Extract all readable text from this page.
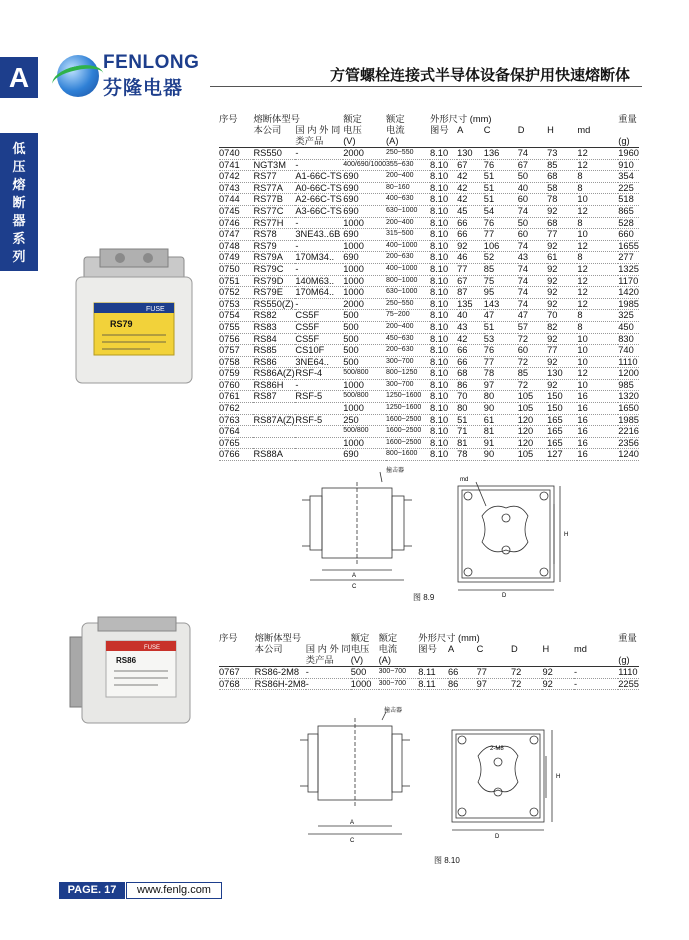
A
低
压
熔
断
器
系
列
FENLONG
芬隆电器
方管螺栓连接式半导体设备保护用快速熔断体
序号	熔断体型号		额定	额定	外形尺寸 (mm)						重量
	本公司	国 内 外 同	电压	电流	图号	A	C	D	H	md	
		类产品	(V)	(A)							(g)
0740	RS550	-	2000	250~550	8.10	130	136	74	73	12	1960
0741	NGT3M	-	400/690/1000	355~630	8.10	67	76	67	85	12	910
0742	RS77	A1-66C-TS	690	200~400	8.10	42	51	50	68	8	354
0743	RS77A	A0-66C-TS	690	80~160	8.10	42	51	40	58	8	225
0744	RS77B	A2-66C-TS	690	400~630	8.10	42	51	60	78	10	518
0745	RS77C	A3-66C-TS	690	630~1000	8.10	45	54	74	92	12	865
0746	RS77H	-	1000	200~400	8.10	66	76	50	68	8	528
0747	RS78	3NE43..6B	690	315~500	8.10	66	77	60	77	10	660
0748	RS79	-	1000	400~1000	8.10	92	106	74	92	12	1655
0749	RS79A	170M34..	690	200~630	8.10	46	52	43	61	8	277
0750	RS79C	-	1000	400~1000	8.10	77	85	74	92	12	1325
0751	RS79D	140M63..	1000	800~1000	8.10	67	75	74	92	12	1170
0752	RS79E	170M64..	1000	630~1000	8.10	87	95	74	92	12	1420
0753	RS550(Z)	-	2000	250~550	8.10	135	143	74	92	12	1985
0754	RS82	CS5F	500	75~200	8.10	40	47	47	70	8	325
0755	RS83	CS5F	500	200~400	8.10	43	51	57	82	8	450
0756	RS84	CS5F	500	450~630	8.10	42	53	72	92	10	830
0757	RS85	CS10F	500	200~630	8.10	66	76	60	77	10	740
0758	RS86	3NE64..	500	300~700	8.10	66	77	72	92	10	1110
0759	RS86A(Z)	RSF-4	500/800	800~1250	8.10	68	78	85	130	12	1200
0760	RS86H	-	1000	300~700	8.10	86	97	72	92	10	985
0761	RS87	RSF-5	500/800	1250~1600	8.10	70	80	105	150	16	1320
0762			1000	1250~1600	8.10	80	90	105	150	16	1650
0763	RS87A(Z)	RSF-5	250	1600~2500	8.10	51	61	120	165	16	1985
0764			500/800	1600~2500	8.10	71	81	120	165	16	2216
0765			1000	1600~2500	8.10	81	91	120	165	16	2356
0766	RS88A		690	800~1600	8.10	78	90	105	127	16	1240
FUSE
RS79
撞击器
A
C
md
D
H
图 8.9
序号	熔断体型号		额定	额定	外形尺寸 (mm)						重量
	本公司	国 内 外 同	电压	电流	图号	A	C	D	H	md	
		类产品	(V)	(A)							(g)
0767	RS86-2M8	-	500	300~700	8.11	66	77	72	92	-	1110
0768	RS86H-2M8	-	1000	300~700	8.11	86	97	72	92	-	2255
FUSE
RS86
撞击器
2-M8
A
C
D
H
图 8.10
PAGE. 17	www.fenlg.com
